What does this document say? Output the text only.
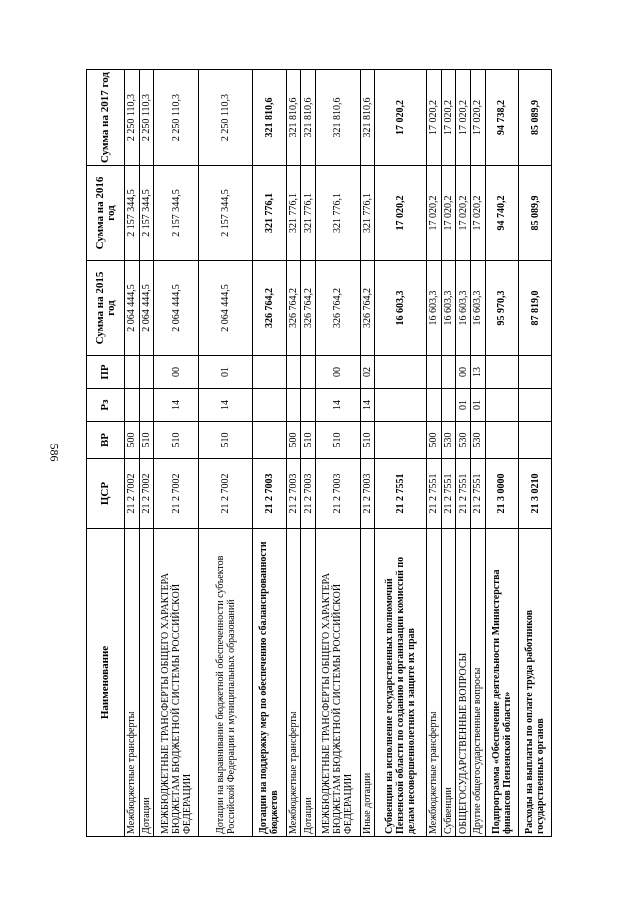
586
Наименование	ЦСР	ВР	Рз	ПР	Сумма на 2015 год	Сумма на 2016 год	Сумма на 2017 год
Межбюджетные трансферты	21 2 7002	500			2 064 444,5	2 157 344,5	2 250 110,3
Дотации	21 2 7002	510			2 064 444,5	2 157 344,5	2 250 110,3
МЕЖБЮДЖЕТНЫЕ ТРАНСФЕРТЫ ОБЩЕГО ХАРАКТЕРА БЮДЖЕТАМ БЮДЖЕТНОЙ СИСТЕМЫ РОССИЙСКОЙ ФЕДЕРАЦИИ	21 2 7002	510	14	00	2 064 444,5	2 157 344,5	2 250 110,3
Дотации на выравнивание бюджетной обеспеченности субъектов Российской Федерации и муниципальных образований	21 2 7002	510	14	01	2 064 444,5	2 157 344,5	2 250 110,3
Дотации на поддержку мер по обеспечению сбалансированности бюджетов	21 2 7003				326 764,2	321 776,1	321 810,6
Межбюджетные трансферты	21 2 7003	500			326 764,2	321 776,1	321 810,6
Дотации	21 2 7003	510			326 764,2	321 776,1	321 810,6
МЕЖБЮДЖЕТНЫЕ ТРАНСФЕРТЫ ОБЩЕГО ХАРАКТЕРА БЮДЖЕТАМ БЮДЖЕТНОЙ СИСТЕМЫ РОССИЙСКОЙ ФЕДЕРАЦИИ	21 2 7003	510	14	00	326 764,2	321 776,1	321 810,6
Иные дотации	21 2 7003	510	14	02	326 764,2	321 776,1	321 810,6
Субвенции на исполнение государственных полномочий Пензенской области по созданию и организации комиссий по делам несовершеннолетних и защите их прав	21 2 7551				16 603,3	17 020,2	17 020,2
Межбюджетные трансферты	21 2 7551	500			16 603,3	17 020,2	17 020,2
Субвенции	21 2 7551	530			16 603,3	17 020,2	17 020,2
ОБЩЕГОСУДАРСТВЕННЫЕ ВОПРОСЫ	21 2 7551	530	01	00	16 603,3	17 020,2	17 020,2
Другие общегосударственные вопросы	21 2 7551	530	01	13	16 603,3	17 020,2	17 020,2
Подпрограмма «Обеспечение деятельности Министерства финансов Пензенской области»	21 3 0000				95 970,3	94 740,2	94 738,2
Расходы на выплаты по оплате труда работников государственных органов	21 3 0210				87 819,0	85 089,9	85 089,9
